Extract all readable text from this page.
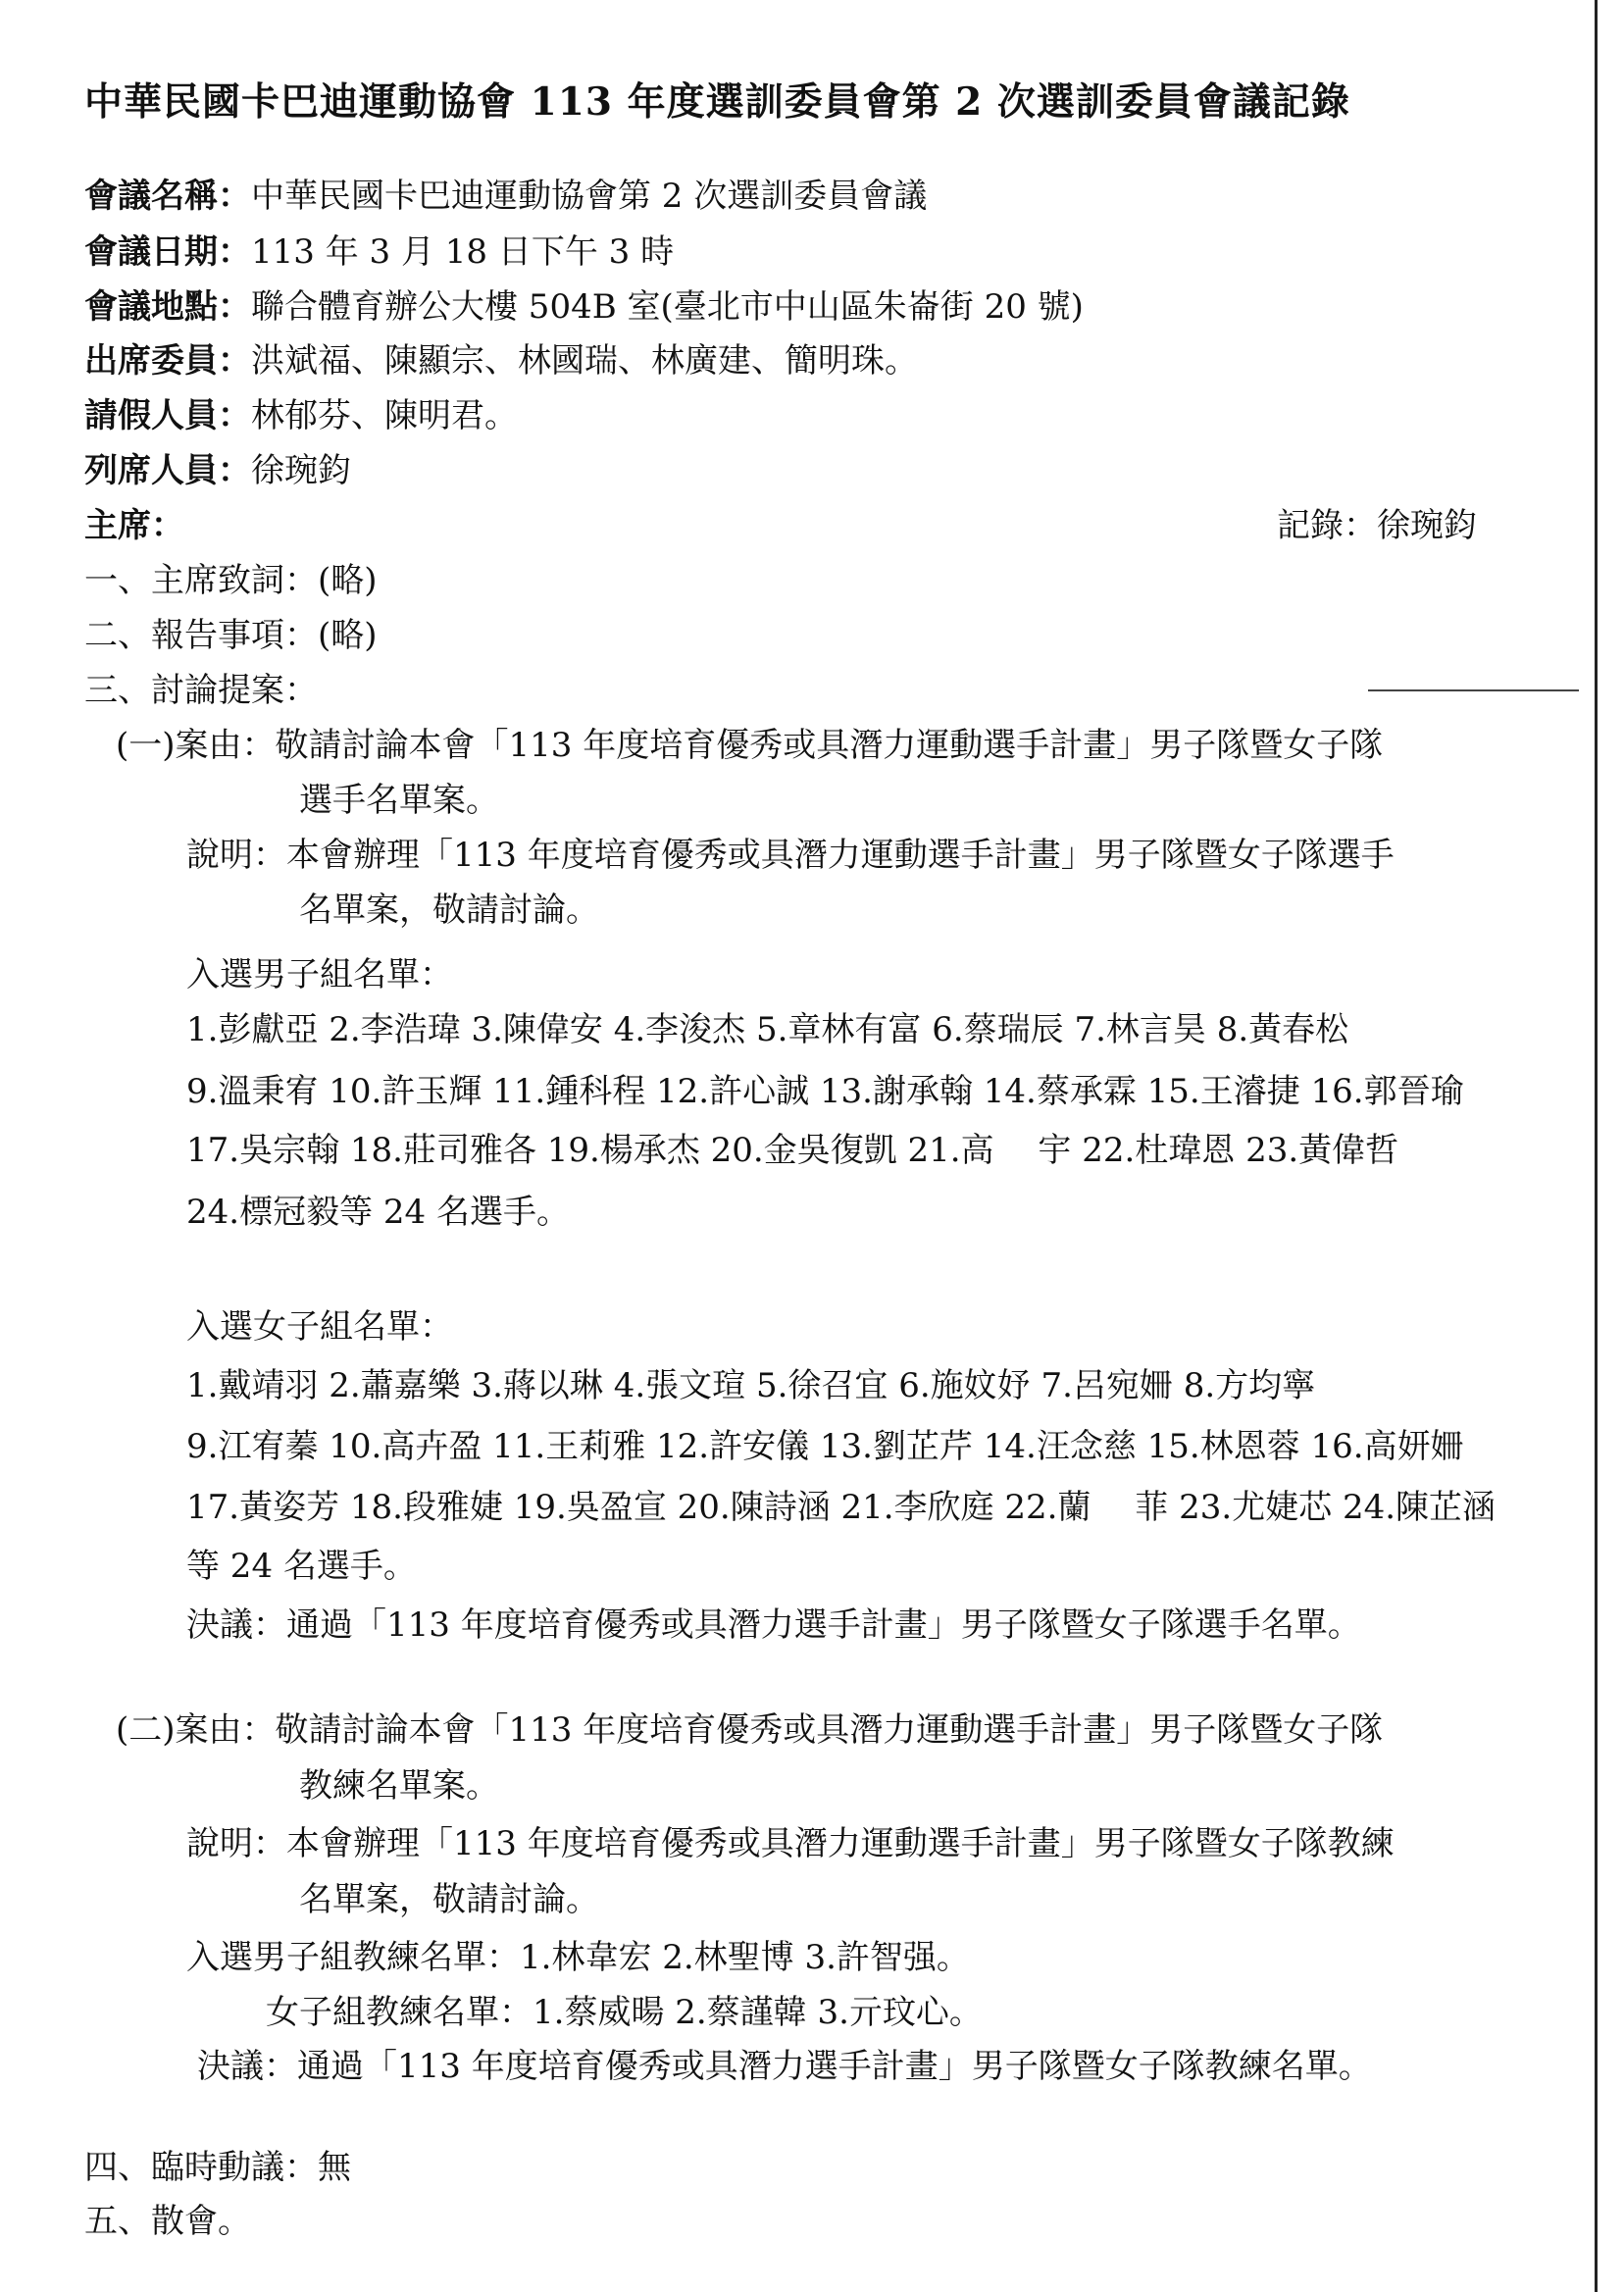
中華民國卡巴迪運動協會 113 年度選訓委員會第 2 次選訓委員會議記錄
會議名稱：中華民國卡巴迪運動協會第 2 次選訓委員會議
會議日期：113 年 3 月 18 日下午 3 時
會議地點：聯合體育辦公大樓 504B 室(臺北市中山區朱崙街 20 號)
出席委員：洪斌福、陳顯宗、林國瑞、林廣建、簡明珠。
請假人員：林郁芬、陳明君。
列席人員：徐琬鈞
主席：	記錄：徐琬鈞
一、主席致詞：(略)
二、報告事項：(略)
三、討論提案：
(一)案由：敬請討論本會「113 年度培育優秀或具潛力運動選手計畫」男子隊暨女子隊
選手名單案。
說明：本會辦理「113 年度培育優秀或具潛力運動選手計畫」男子隊暨女子隊選手
名單案，敬請討論。
入選男子組名單：
1.彭獻亞 2.李浩瑋 3.陳偉安 4.李浚杰 5.章林有富 6.蔡瑞辰 7.林言昊 8.黃春松
9.溫秉宥 10.許玉輝 11.鍾科程 12.許心誠 13.謝承翰 14.蔡承霖 15.王濬捷 16.郭晉瑜
17.吳宗翰 18.莊司雅各 19.楊承杰 20.金吳復凱 21.高　 宇 22.杜瑋恩 23.黃偉哲
24.標冠毅等 24 名選手。
入選女子組名單：
1.戴靖羽 2.蕭嘉樂 3.蔣以琳 4.張文瑄 5.徐召宜 6.施妏妤 7.呂宛姍 8.方均寧
9.江宥蓁 10.高卉盈 11.王莉雅 12.許安儀 13.劉芷芹 14.汪念慈 15.林恩蓉 16.高妍姍
17.黃姿芳 18.段雅婕 19.吳盈宣 20.陳詩涵 21.李欣庭 22.蘭　 菲 23.尤婕芯 24.陳芷涵
等 24 名選手。
決議：通過「113 年度培育優秀或具潛力選手計畫」男子隊暨女子隊選手名單。
(二)案由：敬請討論本會「113 年度培育優秀或具潛力運動選手計畫」男子隊暨女子隊
教練名單案。
說明：本會辦理「113 年度培育優秀或具潛力運動選手計畫」男子隊暨女子隊教練
名單案，敬請討論。
入選男子組教練名單：1.林韋宏 2.林聖博 3.許智强。
女子組教練名單：1.蔡威暘 2.蔡謹韓 3.亓玟心。
決議：通過「113 年度培育優秀或具潛力選手計畫」男子隊暨女子隊教練名單。
四、臨時動議：無
五、散會。
